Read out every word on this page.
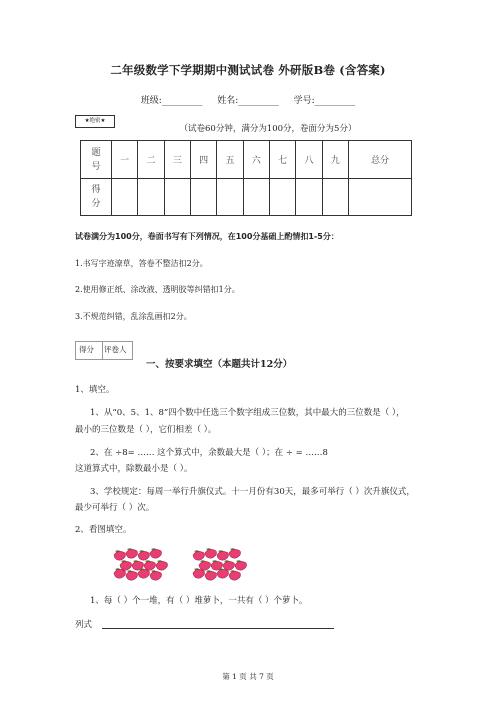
二年级数学下学期期中测试试卷 外研版B卷 (含答案)
班级:_________ 姓名:_________ 学号:_________
★绝密★
（试卷60分钟，满分为100分，卷面分为5分）
题
号	一	二	三	四	五	六	七	八	九	总分

得
分										

试卷满分为100分，卷面书写有下列情况，在100分基础上酌情扣1-5分：
1.书写字迹潦草，答卷不整洁扣2分。
2.使用修正纸、涂改液、透明胶等纠错扣1分。
3.不规范纠错，乱涂乱画扣2分。
得分 评卷人
一、按要求填空（本题共计12分）
1、填空。
1、从“0、5、1、8”四个数中任选三个数字组成三位数，其中最大的三位数是（ ），
最小的三位数是（ ），它们相差（ ）。
2、在 ÷8= …… 这个算式中，余数最大是（ ）；在 ÷ = ……8
这道算式中，除数最小是（ ）。
3、学校规定：每周一举行升旗仪式。十一月份有30天，最多可举行（ ）次升旗仪式，
最少可举行（ ）次。
2、看图填空。
1、每（ ）个一堆，有（ ）堆萝卜，一共有（ ）个萝卜。
列式
第 1 页 共 7 页
